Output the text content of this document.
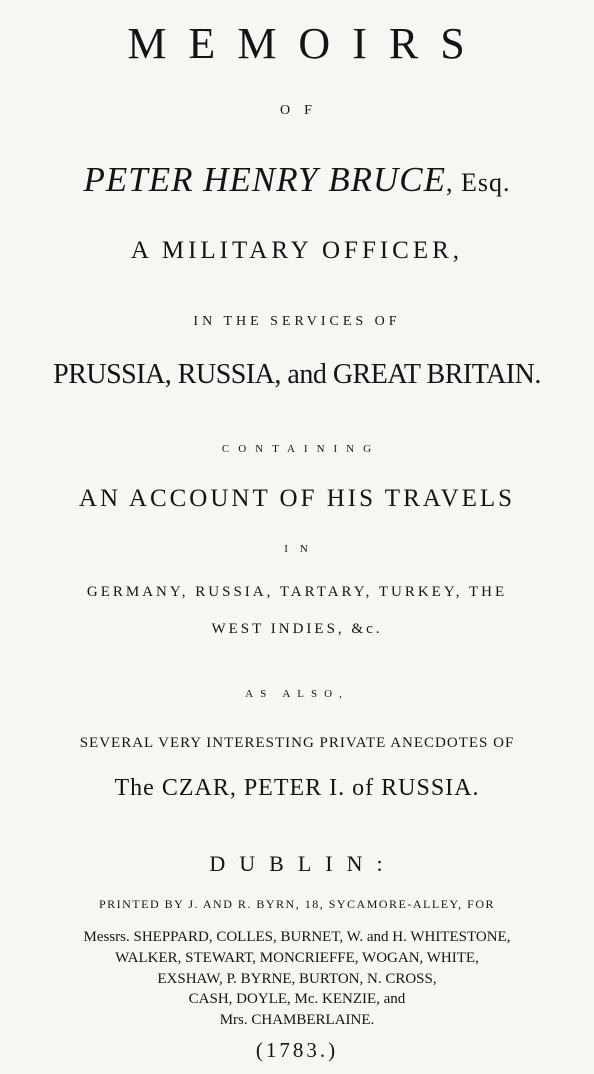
MEMOIRS
OF
PETER HENRY BRUCE, Esq.
A MILITARY OFFICER,
IN THE SERVICES OF
PRUSSIA, RUSSIA, and GREAT BRITAIN.
CONTAINING
AN ACCOUNT OF HIS TRAVELS
IN
GERMANY, RUSSIA, TARTARY, TURKEY, THE
WEST INDIES, &c.
AS ALSO,
SEVERAL VERY INTERESTING PRIVATE ANECDOTES OF
The CZAR, PETER I. of RUSSIA.
DUBLIN:
PRINTED BY J. AND R. BYRN, 18, SYCAMORE-ALLEY, FOR
Messrs. SHEPPARD, COLLES, BURNET, W. and H. WHITESTONE,
WALKER, STEWART, MONCRIEFFE, WOGAN, WHITE,
EXSHAW, P. BYRNE, BURTON, N. CROSS,
CASH, DOYLE, Mc. KENZIE, and
Mrs. CHAMBERLAINE.
(1783.)
